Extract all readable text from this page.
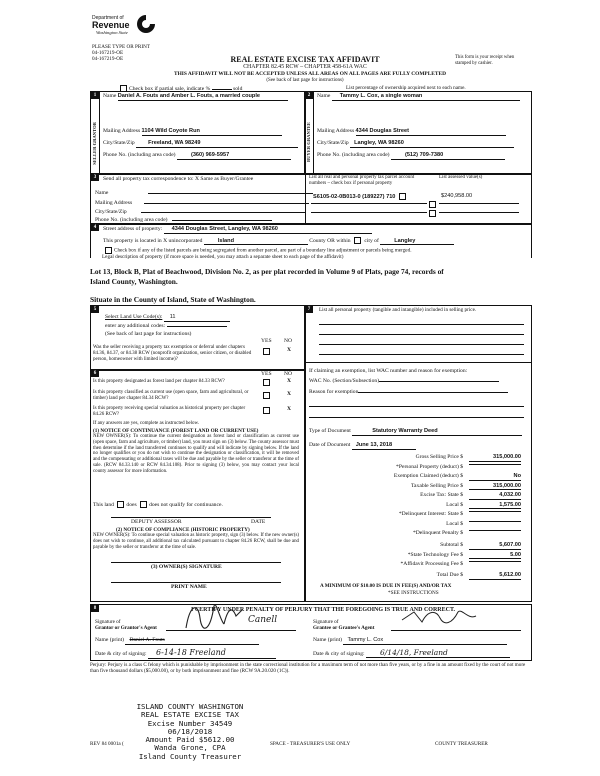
Department of
Revenue
Washington State
PLEASE TYPE OR PRINT
04-167219-OE
04-167219-OE	REAL ESTATE EXCISE TAX AFFIDAVIT
CHAPTER 82.45 RCW – CHAPTER 458-61A WAC
This form is your receipt when stamped by cashier.
THIS AFFIDAVIT WILL NOT BE ACCEPTED UNLESS ALL AREAS ON ALL PAGES ARE FULLY COMPLETED
(See back of last page for instructions)
Check box if partial sale, indicate %	sold	List percentage of ownership acquired next to each name.
1
SELLER GRANTOR
Name Daniel A. Fouts and Amber L. Fouts, a married couple
Mailing Address 1104 Wild Coyote Run
City/State/Zip Freeland, WA 98249
Phone No. (including area code)	(360) 969-5957
2
BUYER GRANTEE
Name Tammy L. Cox, a single woman
Mailing Address 4344 Douglas Street
City/State/Zip Langley, WA 98260
Phone No. (including area code)	(512) 709-7380
3	Send all property tax correspondence to: X Same as Buyer/Grantee
Name
Mailing Address
City/State/Zip
Phone No. (including area code)
List all real and personal property tax parcel account numbers – check box if personal property
List assessed value(s)
S6105-02-0B013-0 (189227) 710	$240,958.00
4	Street address of property: 4344 Douglas Street, Langley, WA 98260
This property is located in X unincorporated	Island	County OR within city of	Langley
Check box if any of the listed parcels are being segregated from another parcel, are part of a boundary line adjustment or parcels being merged.
Legal description of property (if more space is needed, you may attach a separate sheet to each page of the affidavit)
Lot 13, Block B, Plat of Beachwood, Division No. 2, as per plat recorded in Volume 9 of Plats, page 74, records of
Island County, Washington.
Situate in the County of Island, State of Washington.
5
Select Land Use Code(s): 11
enter any additional codes:
(See back of last page for instructions)
YES NO
Was the seller receiving a property tax exemption or deferral under chapters 84.36, 84.37, or 84.38 RCW (nonprofit organization, senior citizen, or disabled person, homeowner with limited income)?
X
6	YES NO
Is this property designated as forest land per chapter 84.33 RCW?	X
Is this property classified as current use (open space, farm and agricultural, or timber) land per chapter 84.34 RCW?
X
Is this property receiving special valuation as historical property per chapter 84.26 RCW?
X
If any answers are yes, complete as instructed below.
(1) NOTICE OF CONTINUANCE (FOREST LAND OR CURRENT USE)
NEW OWNER(S): To continue the current designation as forest land or classification as current use (open space, farm and agriculture, or timber) land, you must sign on (3) below. The county assessor must then determine if the land transferred continues to qualify and will indicate by signing below. If the land no longer qualifies or you do not wish to continue the designation or classification, it will be removed and the compensating or additional taxes will be due and payable by the seller or transferor at the time of sale. (RCW 84.33.140 or RCW 84.34.108). Prior to signing (3) below, you may contact your local county assessor for more information.
This land does does not qualify for continuance.
DEPUTY ASSESSOR	DATE
(2) NOTICE OF COMPLIANCE (HISTORIC PROPERTY)
NEW OWNER(S): To continue special valuation as historic property, sign (3) below. If the new owner(s) does not wish to continue, all additional tax calculated pursuant to chapter 84.26 RCW, shall be due and payable by the seller or transferor at the time of sale.
(3) OWNER(S) SIGNATURE
PRINT NAME
7	List all personal property (tangible and intangible) included in selling price.
If claiming an exemption, list WAC number and reason for exemption:
WAC No. (Section/Subsection)
Reason for exemption
Type of Document	Statutory Warranty Deed
Date of Document June 13, 2018
Gross Selling Price $	315,000.00
*Personal Property (deduct) $
Exemption Claimed (deduct) $	No
Taxable Selling Price $	315,000.00
Excise Tax: State $	4,032.00
Local $	1,575.00
*Delinquent Interest: State $
Local $
*Delinquent Penalty $
Subtotal $	5,607.00
*State Technology Fee $	5.00
*Affidavit Processing Fee $
Total Due $	5,612.00
A MINIMUM OF $10.00 IS DUE IN FEE(S) AND/OR TAX
*SEE INSTRUCTIONS
8	I CERTIFY UNDER PENALTY OF PERJURY THAT THE FOREGOING IS TRUE AND CORRECT.
Signature of
Grantor or Grantor's Agent
Name (print) Daniel A. Fouts
Date & city of signing: 6-14-18 Freeland
Signature of
Grantee or Grantee's Agent
Name (print) Tammy L. Cox
Date & city of signing: 6/14/18, Freeland
Canell
Perjury: Perjury is a class C felony which is punishable by imprisonment in the state correctional institution for a maximum term of not more than five years, or by a fine in an amount fixed by the court of not more than five thousand dollars ($5,000.00), or by both imprisonment and fine (RCW 9A.20.020 (1C)).
ISLAND COUNTY WASHINGTON
REAL ESTATE EXCISE TAX
Excise Number 34549
06/18/2018
Amount Paid $5612.00
Wanda Grone, CPA
Island County Treasurer
REV 84 0001a (	SPACE - TREASURER'S USE ONLY	COUNTY TREASURER
